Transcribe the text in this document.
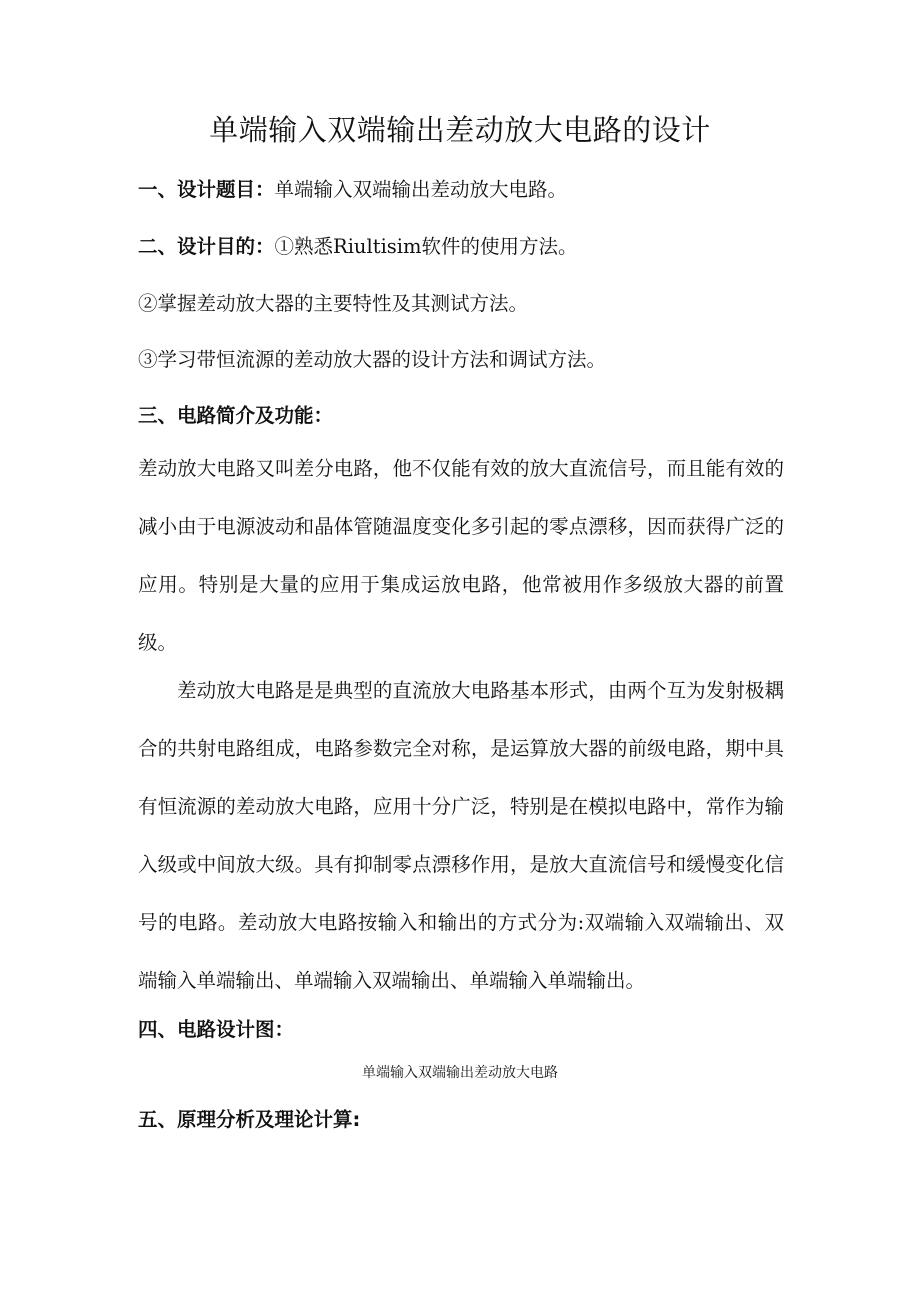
单端输入双端输出差动放大电路的设计
一、设计题目：单端输入双端输出差动放大电路。
二、设计目的：①熟悉Riultisim软件的使用方法。
②掌握差动放大器的主要特性及其测试方法。
③学习带恒流源的差动放大器的设计方法和调试方法。
三、电路简介及功能：

差动放大电路又叫差分电路，他不仅能有效的放大直流信号，而且能有效的减小由于电源波动和晶体管随温度变化多引起的零点漂移，因而获得广泛的应用。特别是大量的应用于集成运放电路，他常被用作多级放大器的前置级。

差动放大电路是是典型的直流放大电路基本形式，由两个互为发射极耦合的共射电路组成，电路参数完全对称，是运算放大器的前级电路，期中具有恒流源的差动放大电路，应用十分广泛，特别是在模拟电路中，常作为输入级或中间放大级。具有抑制零点漂移作用，是放大直流信号和缓慢变化信号的电路。差动放大电路按输入和输出的方式分为:双端输入双端输出、双端输入单端输出、单端输入双端输出、单端输入单端输出。

四、电路设计图：
单端输入双端输出差动放大电路
五、原理分析及理论计算:
